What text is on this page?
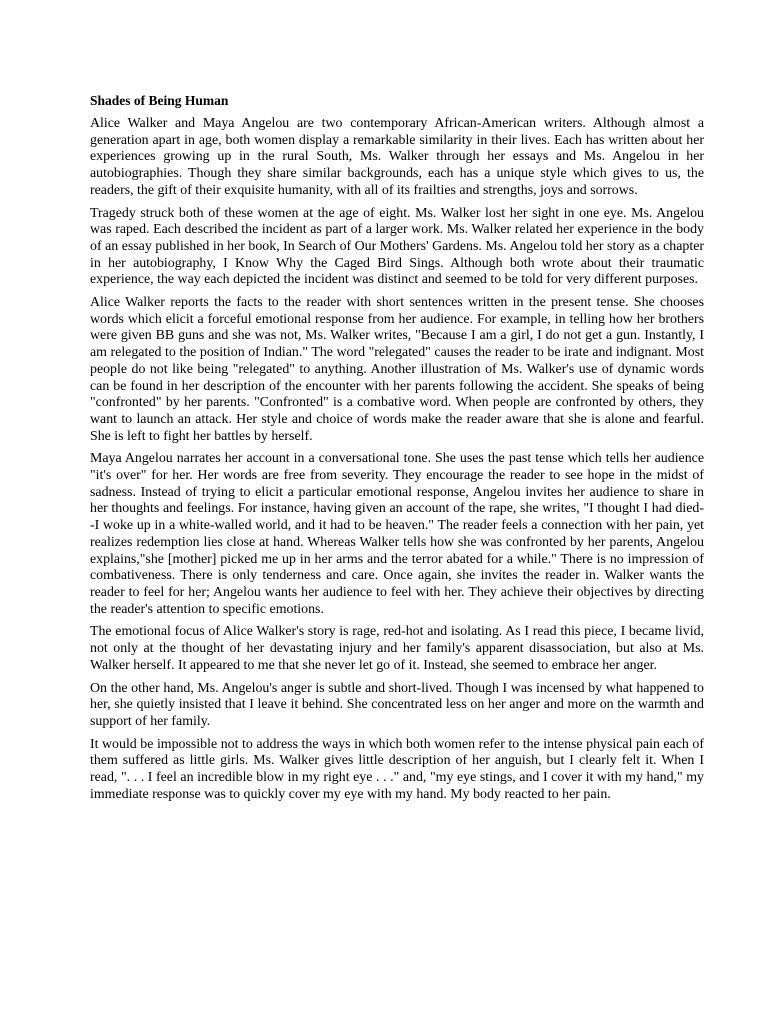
Shades of Being Human

Alice Walker and Maya Angelou are two contemporary African-American writers. Although almost a generation apart in age, both women display a remarkable similarity in their lives. Each has written about her experiences growing up in the rural South, Ms. Walker through her essays and Ms. Angelou in her autobiographies. Though they share similar backgrounds, each has a unique style which gives to us, the readers, the gift of their exquisite humanity, with all of its frailties and strengths, joys and sorrows.

Tragedy struck both of these women at the age of eight. Ms. Walker lost her sight in one eye. Ms. Angelou was raped. Each described the incident as part of a larger work. Ms. Walker related her experience in the body of an essay published in her book, In Search of Our Mothers' Gardens. Ms. Angelou told her story as a chapter in her autobiography, I Know Why the Caged Bird Sings. Although both wrote about their traumatic experience, the way each depicted the incident was distinct and seemed to be told for very different purposes.

Alice Walker reports the facts to the reader with short sentences written in the present tense. She chooses words which elicit a forceful emotional response from her audience. For example, in telling how her brothers were given BB guns and she was not, Ms. Walker writes, "Because I am a girl, I do not get a gun. Instantly, I am relegated to the position of Indian." The word "relegated" causes the reader to be irate and indignant. Most people do not like being "relegated" to anything. Another illustration of Ms. Walker's use of dynamic words can be found in her description of the encounter with her parents following the accident. She speaks of being "confronted" by her parents. "Confronted" is a combative word. When people are confronted by others, they want to launch an attack. Her style and choice of words make the reader aware that she is alone and fearful. She is left to fight her battles by herself.

Maya Angelou narrates her account in a conversational tone. She uses the past tense which tells her audience "it's over" for her. Her words are free from severity. They encourage the reader to see hope in the midst of sadness. Instead of trying to elicit a particular emotional response, Angelou invites her audience to share in her thoughts and feelings. For instance, having given an account of the rape, she writes, "I thought I had died--I woke up in a white-walled world, and it had to be heaven." The reader feels a connection with her pain, yet realizes redemption lies close at hand. Whereas Walker tells how she was confronted by her parents, Angelou explains,"she [mother] picked me up in her arms and the terror abated for a while." There is no impression of combativeness. There is only tenderness and care. Once again, she invites the reader in. Walker wants the reader to feel for her; Angelou wants her audience to feel with her. They achieve their objectives by directing the reader's attention to specific emotions.

The emotional focus of Alice Walker's story is rage, red-hot and isolating. As I read this piece, I became livid, not only at the thought of her devastating injury and her family's apparent disassociation, but also at Ms. Walker herself. It appeared to me that she never let go of it. Instead, she seemed to embrace her anger.

On the other hand, Ms. Angelou's anger is subtle and short-lived. Though I was incensed by what happened to her, she quietly insisted that I leave it behind. She concentrated less on her anger and more on the warmth and support of her family.

It would be impossible not to address the ways in which both women refer to the intense physical pain each of them suffered as little girls. Ms. Walker gives little description of her anguish, but I clearly felt it. When I read, ". . . I feel an incredible blow in my right eye . . ." and, "my eye stings, and I cover it with my hand," my immediate response was to quickly cover my eye with my hand. My body reacted to her pain.
